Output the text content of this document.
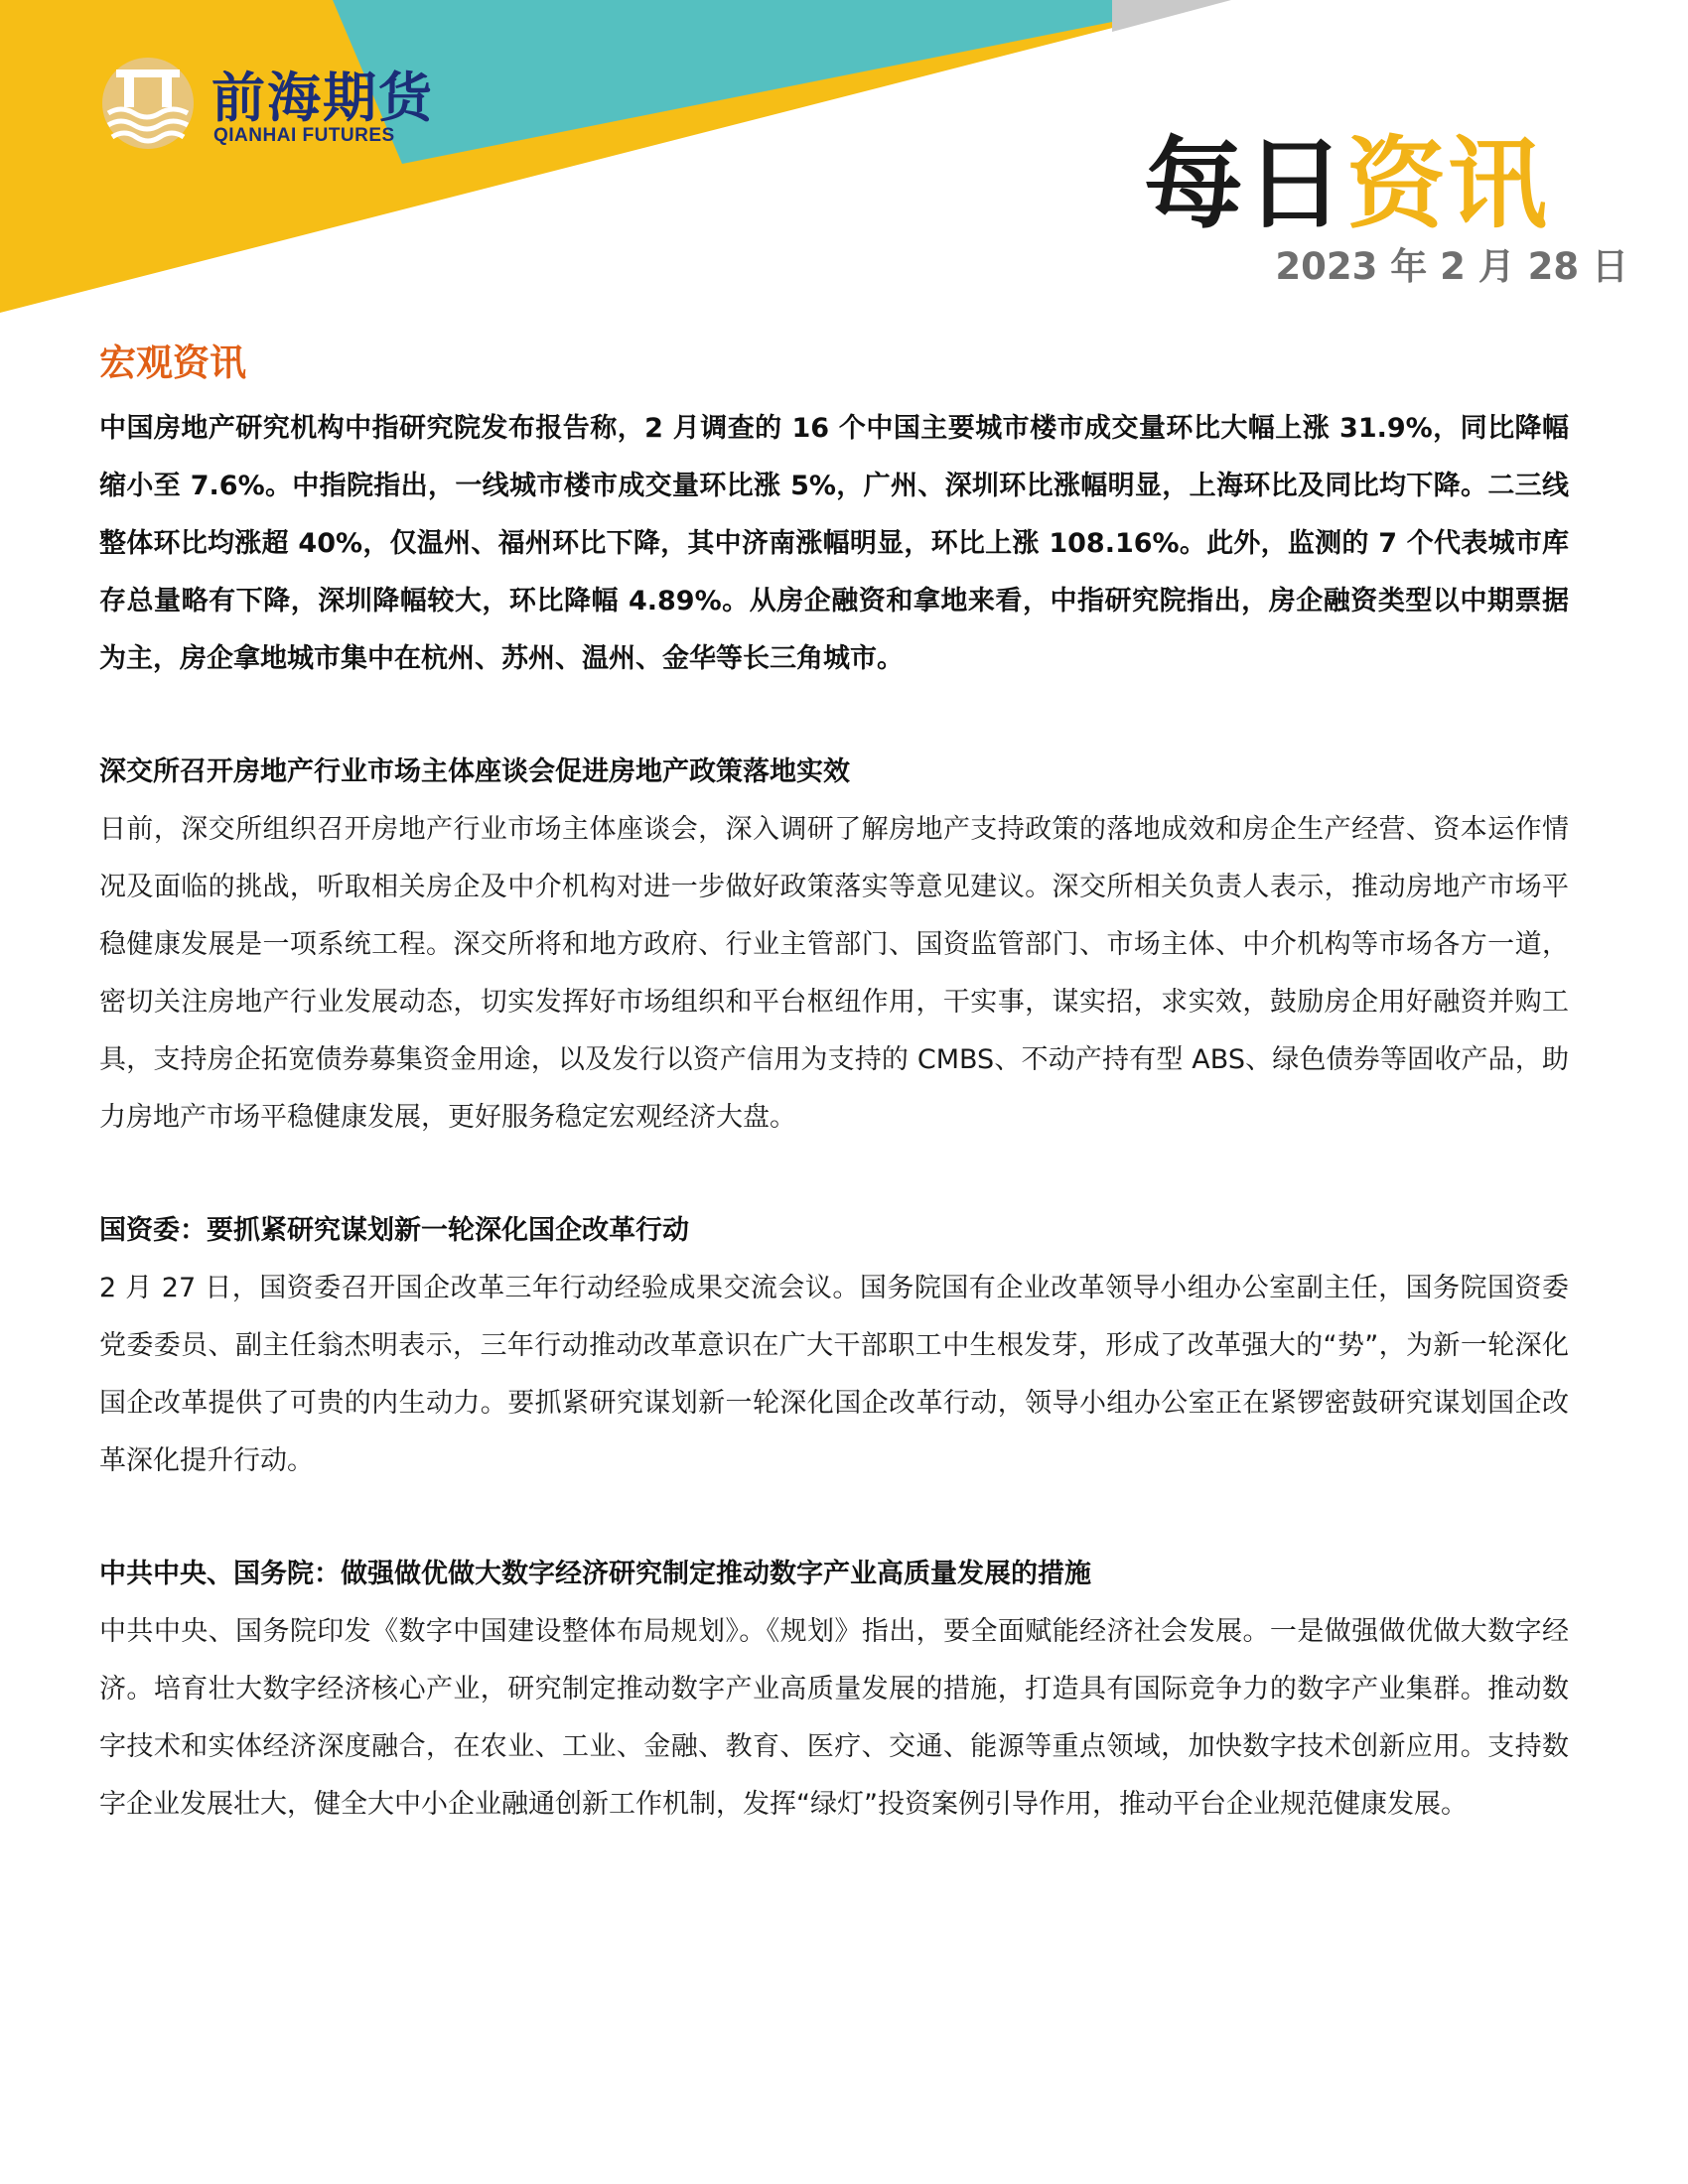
前海期货
QIANHAI FUTURES	每日资讯
2023 年 2 月 28 日
宏观资讯

中国房地产研究机构中指研究院发布报告称，2 月调查的 16 个中国主要城市楼市成交量环比大幅上涨 31.9%，同比降幅缩小至 7.6%。中指院指出，一线城市楼市成交量环比涨 5%，广州、深圳环比涨幅明显，上海环比及同比均下降。二三线整体环比均涨超 40%，仅温州、福州环比下降，其中济南涨幅明显，环比上涨 108.16%。此外，监测的 7 个代表城市库存总量略有下降，深圳降幅较大，环比降幅 4.89%。从房企融资和拿地来看，中指研究院指出，房企融资类型以中期票据为主，房企拿地城市集中在杭州、苏州、温州、金华等长三角城市。

深交所召开房地产行业市场主体座谈会促进房地产政策落地实效

日前，深交所组织召开房地产行业市场主体座谈会，深入调研了解房地产支持政策的落地成效和房企生产经营、资本运作情况及面临的挑战，听取相关房企及中介机构对进一步做好政策落实等意见建议。深交所相关负责人表示，推动房地产市场平稳健康发展是一项系统工程。深交所将和地方政府、行业主管部门、国资监管部门、市场主体、中介机构等市场各方一道，密切关注房地产行业发展动态，切实发挥好市场组织和平台枢纽作用，干实事，谋实招，求实效，鼓励房企用好融资并购工具，支持房企拓宽债券募集资金用途，以及发行以资产信用为支持的 CMBS、不动产持有型 ABS、绿色债券等固收产品，助力房地产市场平稳健康发展，更好服务稳定宏观经济大盘。

国资委：要抓紧研究谋划新一轮深化国企改革行动

2 月 27 日，国资委召开国企改革三年行动经验成果交流会议。国务院国有企业改革领导小组办公室副主任，国务院国资委党委委员、副主任翁杰明表示，三年行动推动改革意识在广大干部职工中生根发芽，形成了改革强大的“势”，为新一轮深化国企改革提供了可贵的内生动力。要抓紧研究谋划新一轮深化国企改革行动，领导小组办公室正在紧锣密鼓研究谋划国企改革深化提升行动。

中共中央、国务院：做强做优做大数字经济研究制定推动数字产业高质量发展的措施

中共中央、国务院印发《数字中国建设整体布局规划》。《规划》指出，要全面赋能经济社会发展。一是做强做优做大数字经济。培育壮大数字经济核心产业，研究制定推动数字产业高质量发展的措施，打造具有国际竞争力的数字产业集群。推动数字技术和实体经济深度融合，在农业、工业、金融、教育、医疗、交通、能源等重点领域，加快数字技术创新应用。支持数字企业发展壮大，健全大中小企业融通创新工作机制，发挥“绿灯”投资案例引导作用，推动平台企业规范健康发展。
